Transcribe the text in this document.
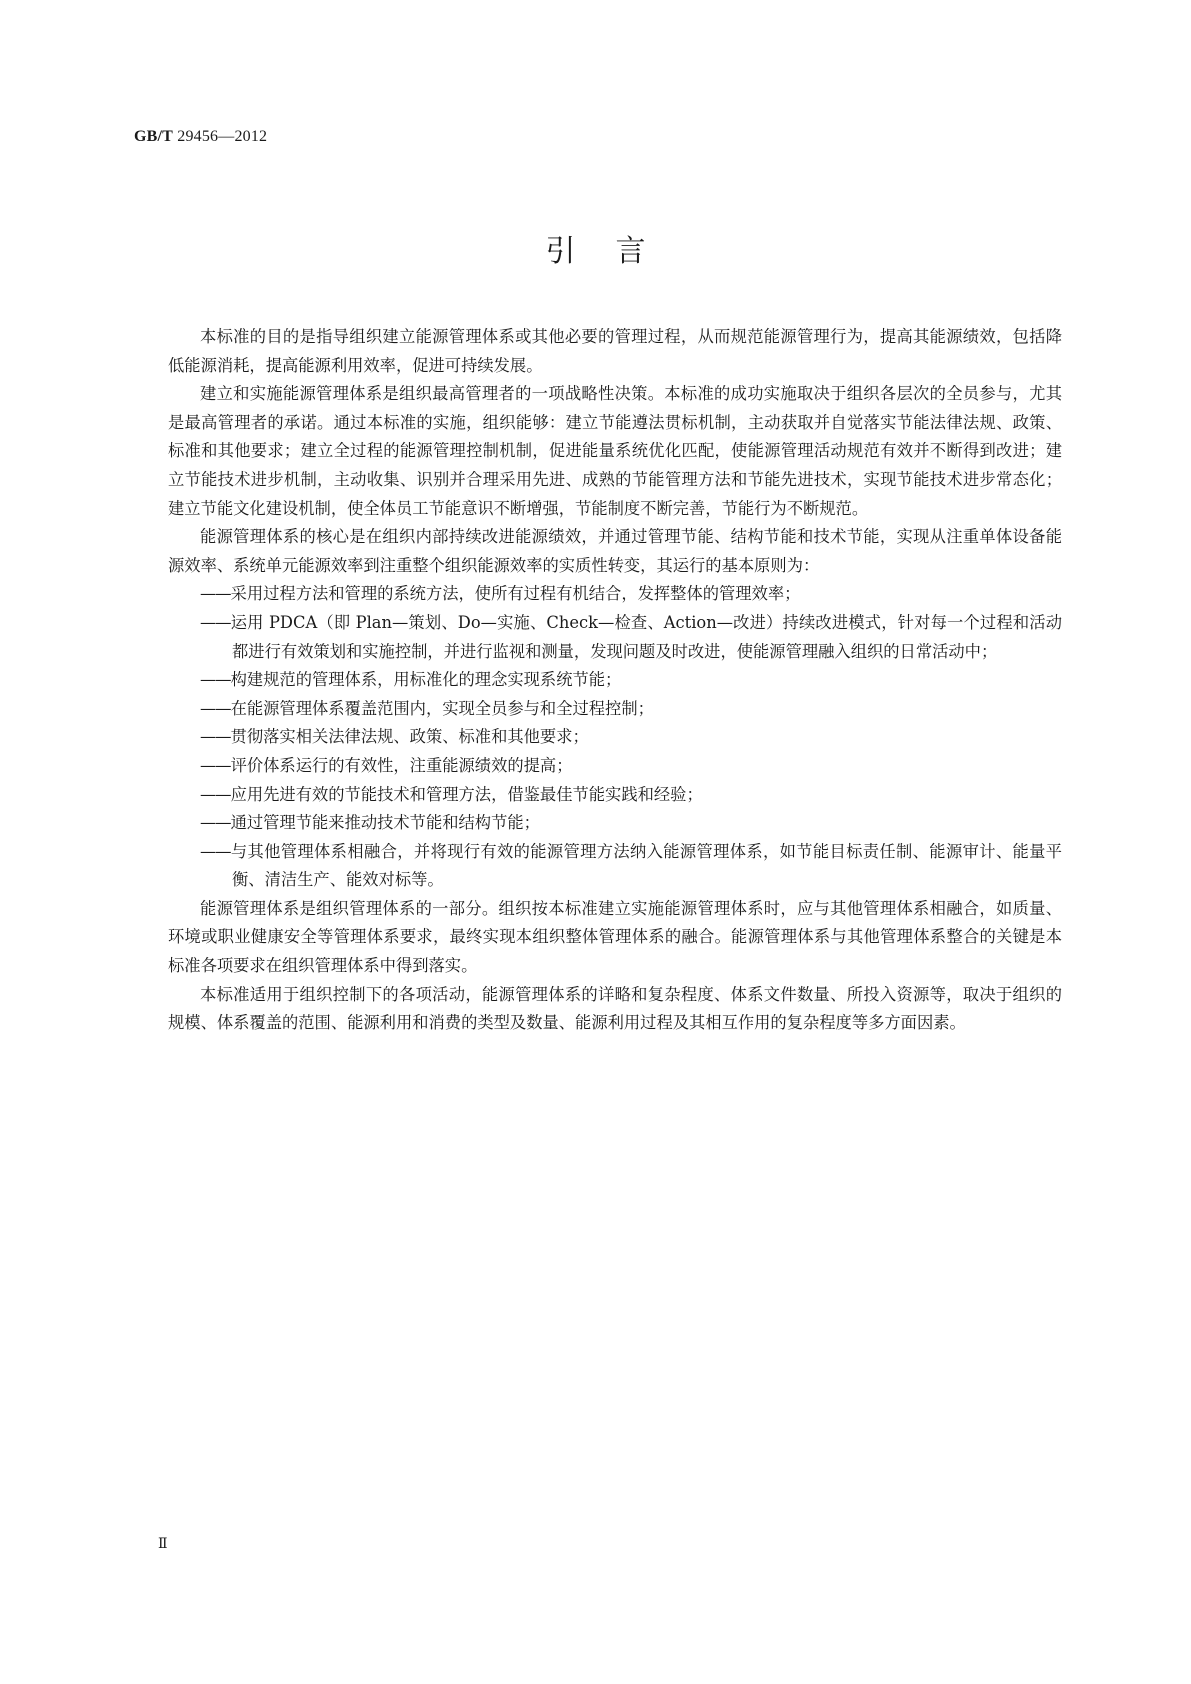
GB/T 29456—2012
引言

本标准的目的是指导组织建立能源管理体系或其他必要的管理过程，从而规范能源管理行为，提高其能源绩效，包括降低能源消耗，提高能源利用效率，促进可持续发展。

建立和实施能源管理体系是组织最高管理者的一项战略性决策。本标准的成功实施取决于组织各层次的全员参与，尤其是最高管理者的承诺。通过本标准的实施，组织能够：建立节能遵法贯标机制，主动获取并自觉落实节能法律法规、政策、标准和其他要求；建立全过程的能源管理控制机制，促进能量系统优化匹配，使能源管理活动规范有效并不断得到改进；建立节能技术进步机制，主动收集、识别并合理采用先进、成熟的节能管理方法和节能先进技术，实现节能技术进步常态化；建立节能文化建设机制，使全体员工节能意识不断增强，节能制度不断完善，节能行为不断规范。

能源管理体系的核心是在组织内部持续改进能源绩效，并通过管理节能、结构节能和技术节能，实现从注重单体设备能源效率、系统单元能源效率到注重整个组织能源效率的实质性转变，其运行的基本原则为：

——采用过程方法和管理的系统方法，使所有过程有机结合，发挥整体的管理效率；

——运用 PDCA（即 Plan—策划、Do—实施、Check—检查、Action—改进）持续改进模式，针对每一个过程和活动都进行有效策划和实施控制，并进行监视和测量，发现问题及时改进，使能源管理融入组织的日常活动中；

——构建规范的管理体系，用标准化的理念实现系统节能；

——在能源管理体系覆盖范围内，实现全员参与和全过程控制；

——贯彻落实相关法律法规、政策、标准和其他要求；

——评价体系运行的有效性，注重能源绩效的提高；

——应用先进有效的节能技术和管理方法，借鉴最佳节能实践和经验；

——通过管理节能来推动技术节能和结构节能；

——与其他管理体系相融合，并将现行有效的能源管理方法纳入能源管理体系，如节能目标责任制、能源审计、能量平衡、清洁生产、能效对标等。

能源管理体系是组织管理体系的一部分。组织按本标准建立实施能源管理体系时，应与其他管理体系相融合，如质量、环境或职业健康安全等管理体系要求，最终实现本组织整体管理体系的融合。能源管理体系与其他管理体系整合的关键是本标准各项要求在组织管理体系中得到落实。

本标准适用于组织控制下的各项活动，能源管理体系的详略和复杂程度、体系文件数量、所投入资源等，取决于组织的规模、体系覆盖的范围、能源利用和消费的类型及数量、能源利用过程及其相互作用的复杂程度等多方面因素。

Ⅱ
